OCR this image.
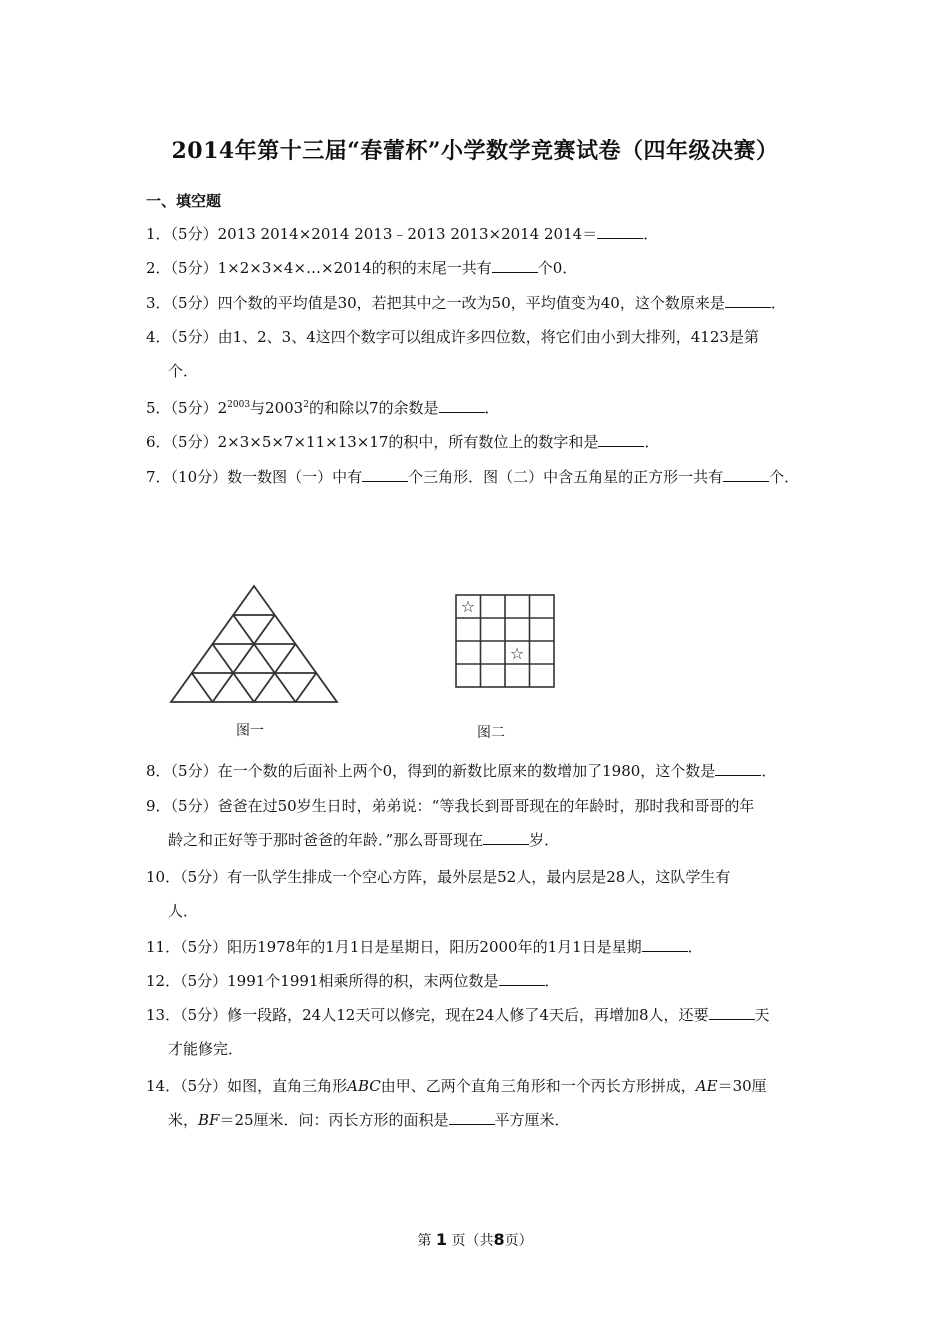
2014年第十三届“春蕾杯”小学数学竞赛试卷（四年级决赛）
一、填空题
1．（5分）2013 2014×2014 2013﹣2013 2013×2014 2014＝	．
2．（5分）1×2×3×4×…×2014的积的末尾一共有	个0．
3．（5分）四个数的平均值是30，若把其中之一改为50，平均值变为40，这个数原来是	．
4．（5分）由1、2、3、4这四个数字可以组成许多四位数，将它们由小到大排列，4123是第
个．
5．（5分）$2^{2003}$与2003$^2$的和除以7的余数是	．
6．（5分）2×3×5×7×11×13×17的积中，所有数位上的数字和是	．
7．（10分）数一数图（一）中有	个三角形．图（二）中含五角星的正方形一共有	个．
图一
☆
☆
图二
8．（5分）在一个数的后面补上两个0，得到的新数比原来的数增加了1980，这个数是	．
9．（5分）爸爸在过50岁生日时，弟弟说：“等我长到哥哥现在的年龄时，那时我和哥哥的年
龄之和正好等于那时爸爸的年龄．”那么哥哥现在	岁．
10．（5分）有一队学生排成一个空心方阵，最外层是52人，最内层是28人，这队学生有
人．
11．（5分）阳历1978年的1月1日是星期日，阳历2000年的1月1日是星期	．
12．（5分）1991个1991相乘所得的积，末两位数是	．
13．（5分）修一段路，24人12天可以修完，现在24人修了4天后，再增加8人，还要	天
才能修完．
14．（5分）如图，直角三角形ABC由甲、乙两个直角三角形和一个丙长方形拼成，AE＝30厘
米，BF＝25厘米．问：丙长方形的面积是	平方厘米．
第 1 页（共8页）
